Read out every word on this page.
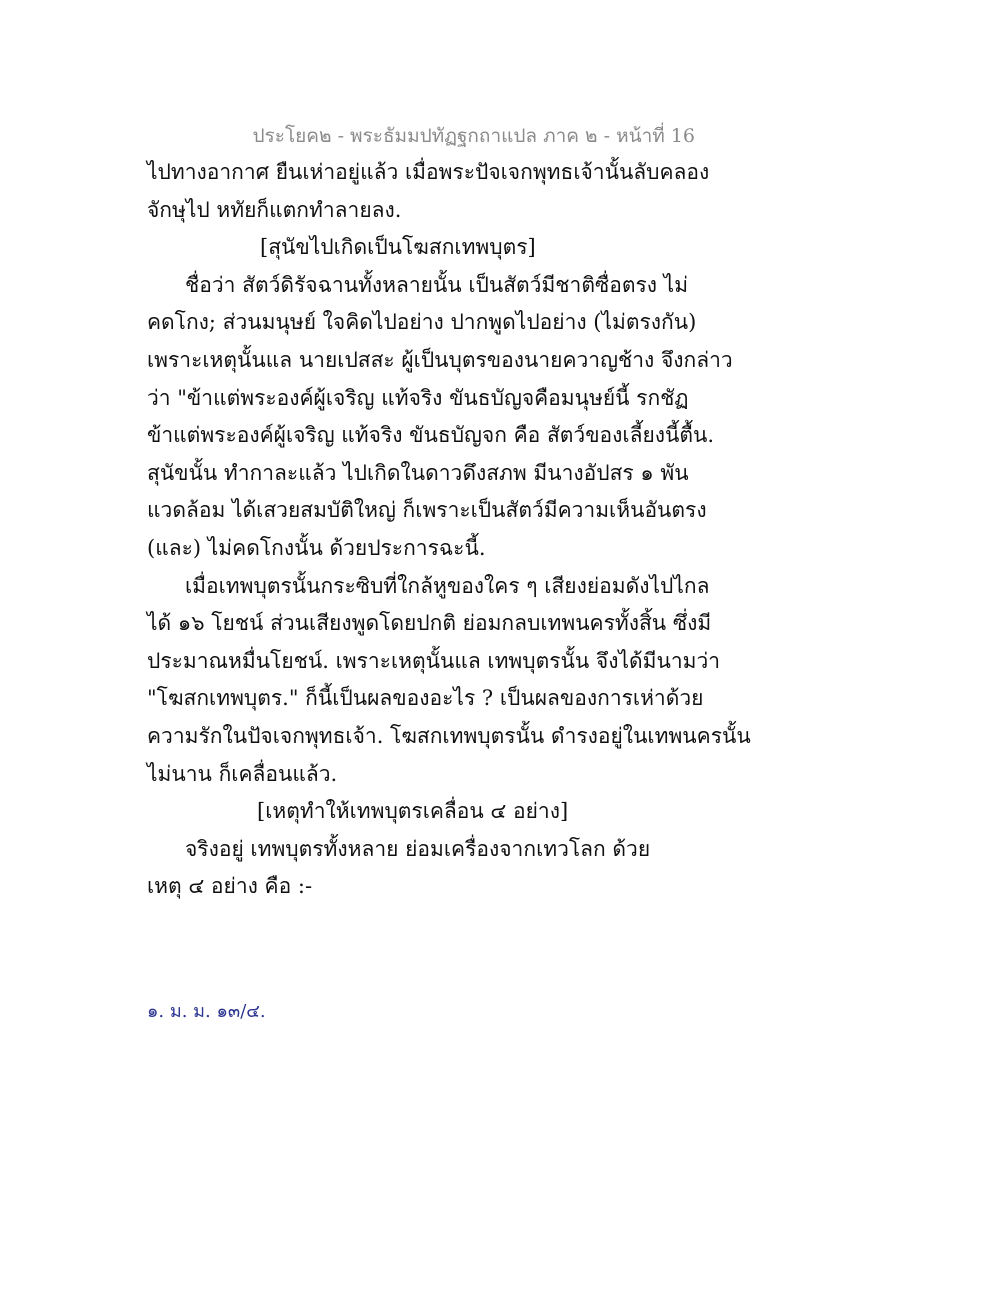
ประโยค๒ - พระธัมมปทัฏฐกถาแปล ภาค ๒ - หน้าที่ 16
ไปทางอากาศ ยืนเห่าอยู่แล้ว เมื่อพระปัจเจกพุทธเจ้านั้นลับคลอง
จักษุไป หทัยก็แตกทำลายลง.
[สุนัขไปเกิดเป็นโฆสกเทพบุตร]
ชื่อว่า สัตว์ดิรัจฉานทั้งหลายนั้น เป็นสัตว์มีชาติซื่อตรง ไม่
คดโกง; ส่วนมนุษย์ ใจคิดไปอย่าง ปากพูดไปอย่าง (ไม่ตรงกัน)
เพราะเหตุนั้นแล นายเปสสะ ผู้เป็นบุตรของนายควาญช้าง จึงกล่าว
ว่า "ข้าแต่พระองค์ผู้เจริญ แท้จริง ขันธบัญจคือมนุษย์นี้ รกชัฏ
ข้าแต่พระองค์ผู้เจริญ แท้จริง ขันธบัญจก คือ สัตว์ของเลี้ยงนี้ตื้น.
สุนัขนั้น ทำกาละแล้ว ไปเกิดในดาวดึงสภพ มีนางอัปสร ๑ พัน
แวดล้อม ได้เสวยสมบัติใหญ่ ก็เพราะเป็นสัตว์มีความเห็นอันตรง
(และ) ไม่คดโกงนั้น ด้วยประการฉะนี้.
เมื่อเทพบุตรนั้นกระซิบที่ใกล้หูของใคร ๆ เสียงย่อมดังไปไกล
ได้ ๑๖ โยชน์ ส่วนเสียงพูดโดยปกติ ย่อมกลบเทพนครทั้งสิ้น ซึ่งมี
ประมาณหมื่นโยชน์. เพราะเหตุนั้นแล เทพบุตรนั้น จึงได้มีนามว่า
"โฆสกเทพบุตร." ก็นี้เป็นผลของอะไร ? เป็นผลของการเห่าด้วย
ความรักในปัจเจกพุทธเจ้า. โฆสกเทพบุตรนั้น ดำรงอยู่ในเทพนครนั้น
ไม่นาน ก็เคลื่อนแล้ว.
[เหตุทำให้เทพบุตรเคลื่อน ๔ อย่าง]
จริงอยู่ เทพบุตรทั้งหลาย ย่อมเครื่องจากเทวโลก ด้วย
เหตุ ๔ อย่าง คือ :-
๑. ม. ม. ๑๓/๔.
